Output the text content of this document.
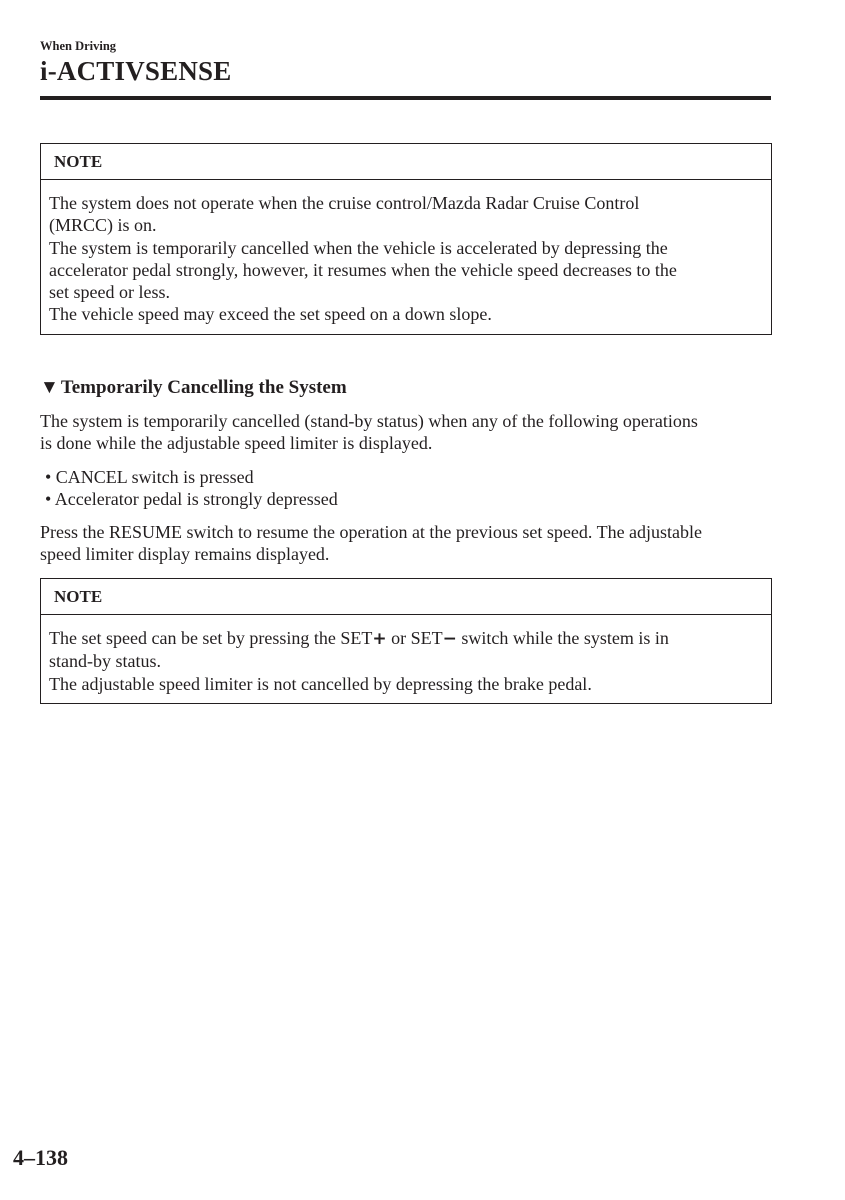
When Driving
i-ACTIVSENSE
NOTE
The system does not operate when the cruise control/Mazda Radar Cruise Control
(MRCC) is on.
The system is temporarily cancelled when the vehicle is accelerated by depressing the
accelerator pedal strongly, however, it resumes when the vehicle speed decreases to the
set speed or less.
The vehicle speed may exceed the set speed on a down slope.
▼ Temporarily Cancelling the System
The system is temporarily cancelled (stand-by status) when any of the following operations
is done while the adjustable speed limiter is displayed.
• CANCEL switch is pressed
• Accelerator pedal is strongly depressed
Press the RESUME switch to resume the operation at the previous set speed. The adjustable
speed limiter display remains displayed.
NOTE
The set speed can be set by pressing the SET+ or SET− switch while the system is in
stand-by status.
The adjustable speed limiter is not cancelled by depressing the brake pedal.
4–138
